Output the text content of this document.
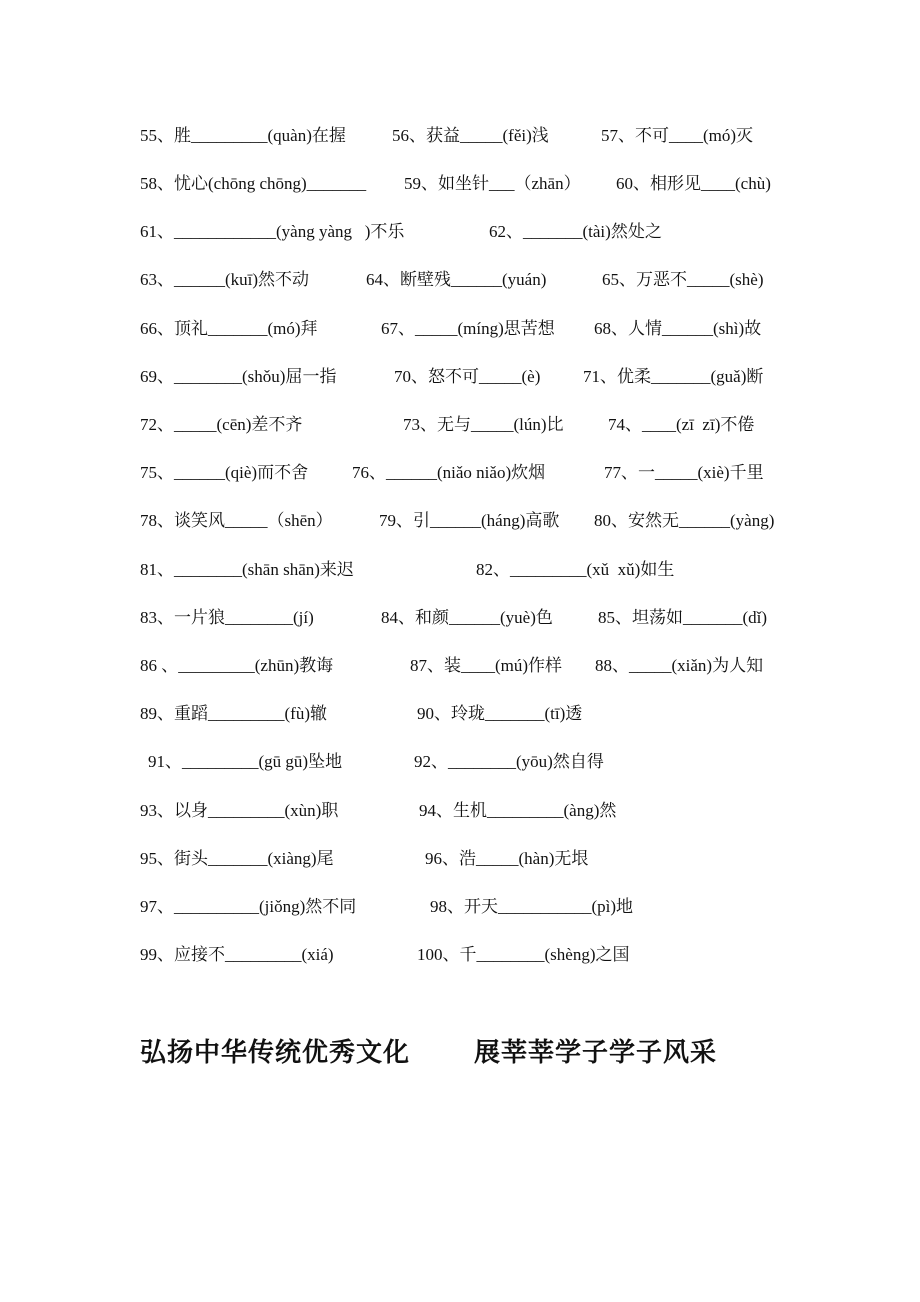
55、胜_________(quàn)在握	56、获益_____(fěi)浅	57、不可____(mó)灭
58、忧心(chōng chōng)_______ 59、如坐针___（zhān） 60、相形见____(chù)
61、____________(yàng yàng   )不乐	62、_______(tài)然处之
63、______(kuī)然不动	64、断壁残______(yuán)	65、万恶不_____(shè)
66、顶礼_______(mó)拜	67、_____(míng)思苦想 68、人情______(shì)故
69、________(shǒu)屈一指	70、怒不可_____(è)	71、优柔_______(guǎ)断
72、_____(cēn)差不齐	73、无与_____(lún)比	74、____(zī  zī)不倦
75、______(qiè)而不舍	76、______(niǎo niǎo)炊烟	77、一_____(xiè)千里
78、谈笑风_____（shēn）	79、引______(háng)高歌 80、安然无______(yàng)
81、________(shān shān)来迟	82、_________(xǔ  xǔ)如生
83、一片狼________(jí)	84、和颜______(yuè)色	85、坦荡如_______(dǐ)
86 、_________(zhūn)教诲	87、装____(mú)作样 88、_____(xiǎn)为人知
89、重蹈_________(fù)辙	90、玲珑_______(tī)透
91、_________(gū gū)坠地	92、________(yōu)然自得
93、以身_________(xùn)职	94、生机_________(àng)然
95、街头_______(xiàng)尾	96、浩_____(hàn)无垠
97、__________(jiǒng)然不同	98、开天___________(pì)地
99、应接不_________(xiá)	100、千________(shèng)之国
弘扬中华传统优秀文化 展莘莘学子学子风采
